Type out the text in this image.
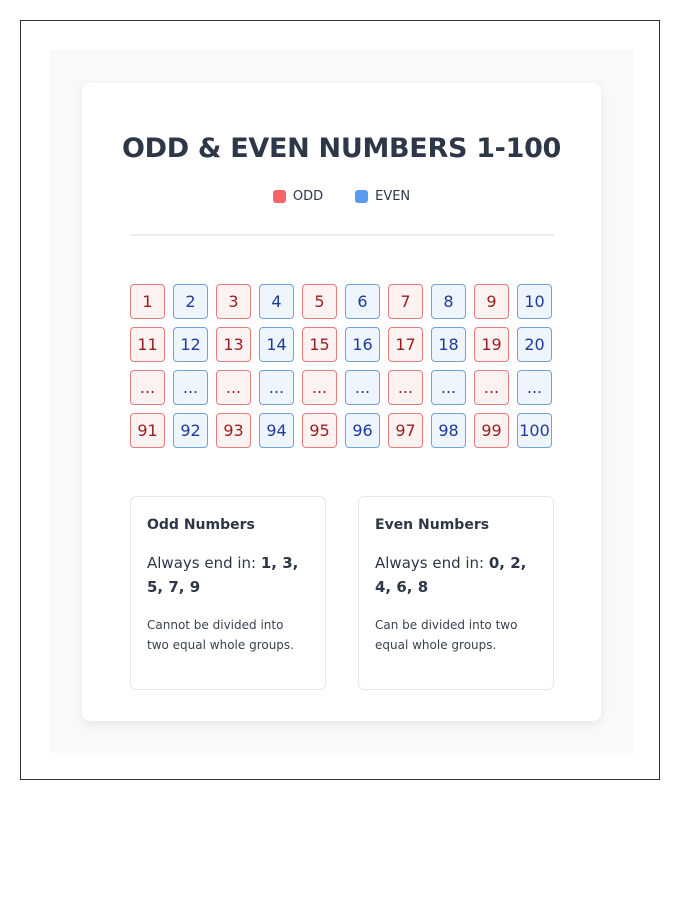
ODD & EVEN NUMBERS 1-100
ODD	EVEN
1	2	3	4	5	6	7	8	9	10
11	12	13	14	15	16	17	18	19	20
...	...	...	...	...	...	...	...	...	...
91	92	93	94	95	96	97	98	99	100
Odd Numbers

Always end in: 1, 3, 5, 7, 9

Cannot be divided into two equal whole groups.

Even Numbers

Always end in: 0, 2, 4, 6, 8

Can be divided into two equal whole groups.
